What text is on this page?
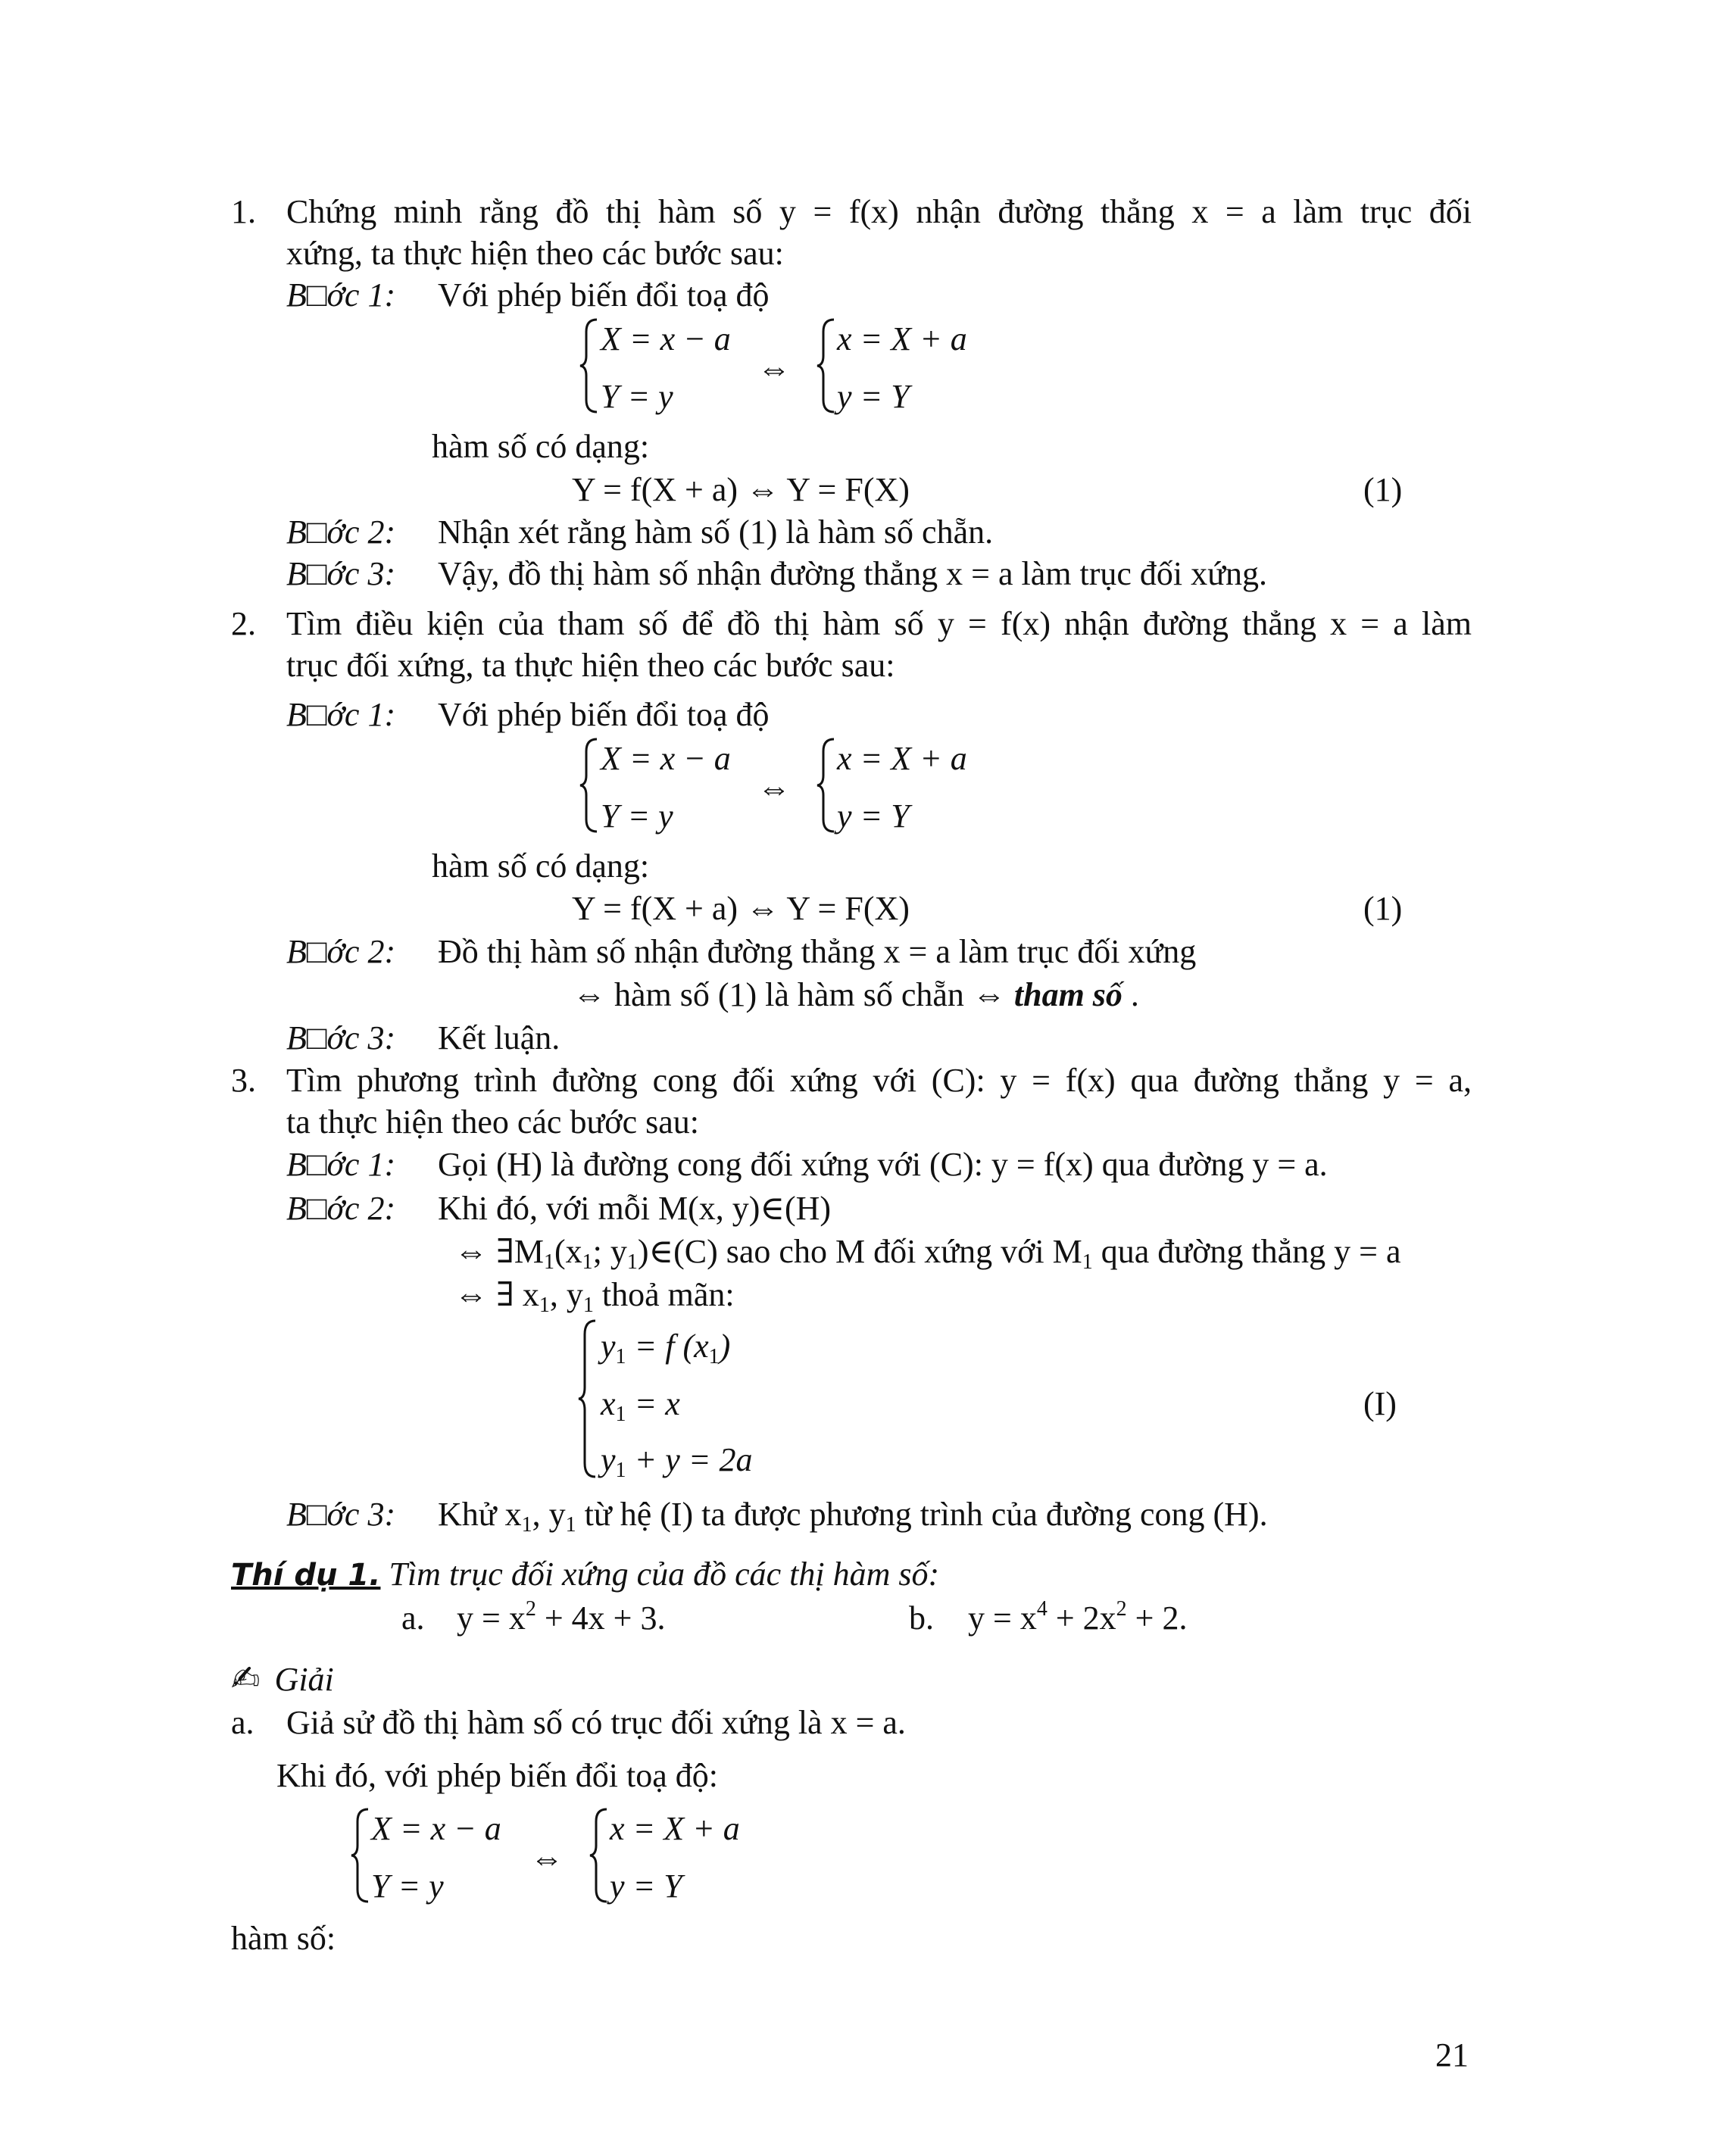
1. Chứng minh rằng đồ thị hàm số y = f(x) nhận đường thẳng x = a làm trục đối
xứng, ta thực hiện theo các bước sau:
B□ớc 1: Với phép biến đổi toạ độ
X = x − a
Y = y
⇔
x = X + a
y = Y
hàm số có dạng:
Y = f(X + a) ⇔ Y = F(X)	(1)
B□ớc 2: Nhận xét rằng hàm số (1) là hàm số chẵn.
B□ớc 3: Vậy, đồ thị hàm số nhận đường thẳng x = a làm trục đối xứng.
2. Tìm điều kiện của tham số để đồ thị hàm số y = f(x) nhận đường thẳng x = a làm
trục đối xứng, ta thực hiện theo các bước sau:
B□ớc 1: Với phép biến đổi toạ độ
X = x − a
Y = y
⇔
x = X + a
y = Y
hàm số có dạng:
Y = f(X + a) ⇔ Y = F(X)	(1)
B□ớc 2: Đồ thị hàm số nhận đường thẳng x = a làm trục đối xứng
⇔ hàm số (1) là hàm số chẵn ⇔ tham số .
B□ớc 3: Kết luận.
3. Tìm phương trình đường cong đối xứng với (C): y = f(x) qua đường thẳng y = a,
ta thực hiện theo các bước sau:
B□ớc 1: Gọi (H) là đường cong đối xứng với (C): y = f(x) qua đường y = a.
B□ớc 2: Khi đó, với mỗi M(x, y)∈(H)
⇔ $\exists M_1(x_1$; $y_1)\in(C)$ sao cho M đối xứng với $M_1$ qua đường thẳng y = a
⇔ ∃ $x_1$, $y_1$ thoả mãn:
$y_1 = f$ $(x_1)$
$x_1 = x$
$y_1 + y = 2a$
(I)
B□ớc 3: Khử $x_1$, $y_1$ từ hệ (I) ta được phương trình của đường cong (H).
Thí dụ 1. Tìm trục đối xứng của đồ các thị hàm số:
a. $y = x^2 + 4x + 3$.	b. $y = x^4 + 2x^2 + 2$.
✍ Giải
a. Giả sử đồ thị hàm số có trục đối xứng là x = a.
Khi đó, với phép biến đổi toạ độ:
X = x − a
Y = y
⇔
x = X + a
y = Y
hàm số:
21
